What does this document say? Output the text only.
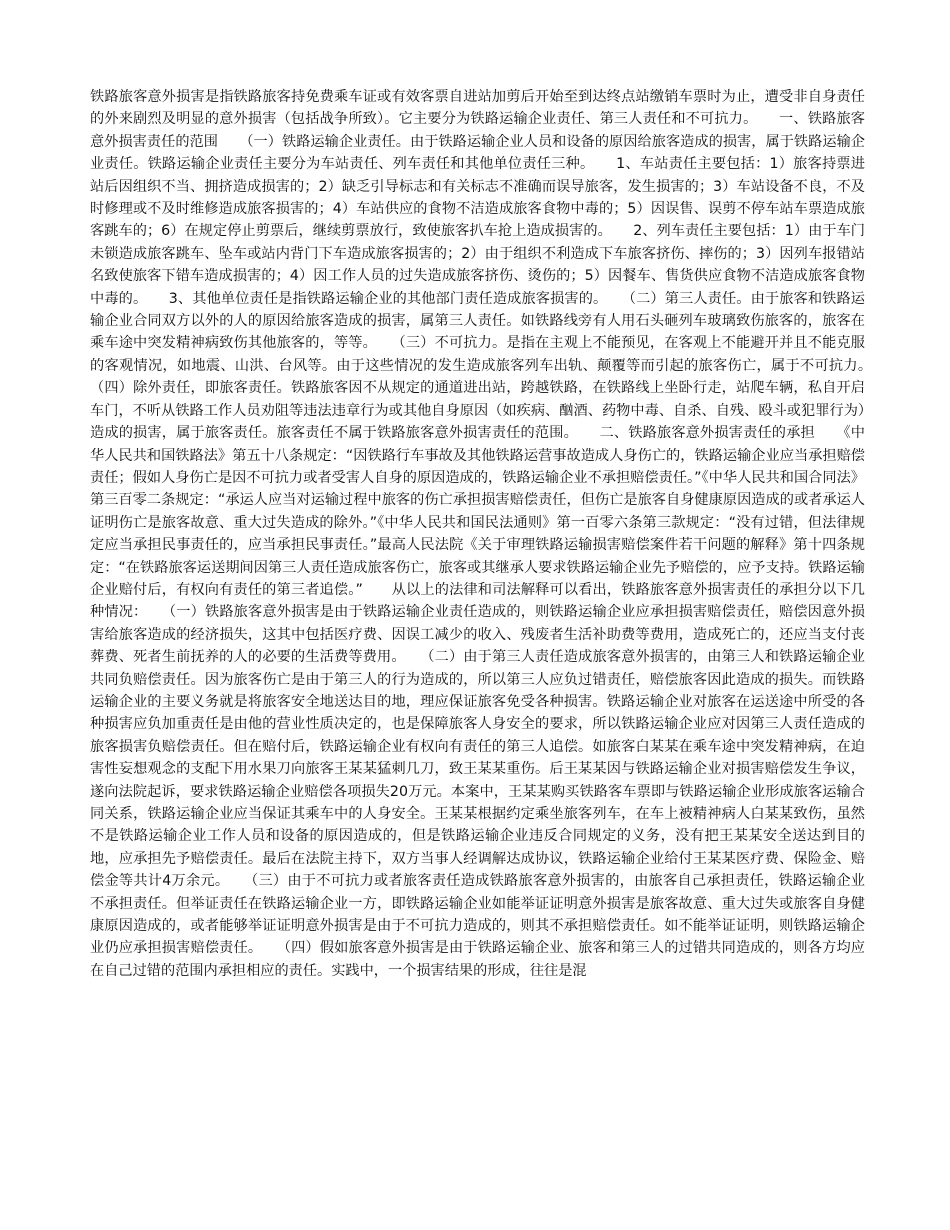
铁路旅客意外损害是指铁路旅客持免费乘车证或有效客票自进站加剪后开始至到达终点站缴销车票时为止，遭受非自身责任的外来剧烈及明显的意外损害（包括战争所致）。它主要分为铁路运输企业责任、第三人责任和不可抗力。　　一、铁路旅客意外损害责任的范围　　（一）铁路运输企业责任。由于铁路运输企业人员和设备的原因给旅客造成的损害，属于铁路运输企业责任。铁路运输企业责任主要分为车站责任、列车责任和其他单位责任三种。　　1、车站责任主要包括：1）旅客持票进站后因组织不当、拥挤造成损害的；2）缺乏引导标志和有关标志不准确而误导旅客，发生损害的；3）车站设备不良，不及时修理或不及时维修造成旅客损害的；4）车站供应的食物不洁造成旅客食物中毒的；5）因误售、误剪不停车站车票造成旅客跳车的；6）在规定停止剪票后，继续剪票放行，致使旅客扒车抢上造成损害的。　　2、列车责任主要包括：1）由于车门未锁造成旅客跳车、坠车或站内背门下车造成旅客损害的；2）由于组织不利造成下车旅客挤伤、摔伤的；3）因列车报错站名致使旅客下错车造成损害的；4）因工作人员的过失造成旅客挤伤、烫伤的；5）因餐车、售货供应食物不洁造成旅客食物中毒的。　　3、其他单位责任是指铁路运输企业的其他部门责任造成旅客损害的。　　（二）第三人责任。由于旅客和铁路运输企业合同双方以外的人的原因给旅客造成的损害，属第三人责任。如铁路线旁有人用石头砸列车玻璃致伤旅客的，旅客在乘车途中突发精神病致伤其他旅客的，等等。　　（三）不可抗力。是指在主观上不能预见，在客观上不能避开并且不能克服的客观情况，如地震、山洪、台风等。由于这些情况的发生造成旅客列车出轨、颠覆等而引起的旅客伤亡，属于不可抗力。　　（四）除外责任，即旅客责任。铁路旅客因不从规定的通道进出站，跨越铁路，在铁路线上坐卧行走，站爬车辆，私自开启车门，不听从铁路工作人员劝阻等违法违章行为或其他自身原因（如疾病、酗酒、药物中毒、自杀、自残、殴斗或犯罪行为）造成的损害，属于旅客责任。旅客责任不属于铁路旅客意外损害责任的范围。　　二、铁路旅客意外损害责任的承担　　《中华人民共和国铁路法》第五十八条规定：“因铁路行车事故及其他铁路运营事故造成人身伤亡的，铁路运输企业应当承担赔偿责任；假如人身伤亡是因不可抗力或者受害人自身的原因造成的，铁路运输企业不承担赔偿责任。”《中华人民共和国合同法》第三百零二条规定：“承运人应当对运输过程中旅客的伤亡承担损害赔偿责任，但伤亡是旅客自身健康原因造成的或者承运人证明伤亡是旅客故意、重大过失造成的除外。”《中华人民共和国民法通则》第一百零六条第三款规定：“没有过错，但法律规定应当承担民事责任的，应当承担民事责任。”最高人民法院《关于审理铁路运输损害赔偿案件若干问题的解释》第十四条规定：“在铁路旅客运送期间因第三人责任造成旅客伤亡，旅客或其继承人要求铁路运输企业先予赔偿的，应予支持。铁路运输企业赔付后，有权向有责任的第三者追偿。”　　从以上的法律和司法解释可以看出，铁路旅客意外损害责任的承担分以下几种情况：　　（一）铁路旅客意外损害是由于铁路运输企业责任造成的，则铁路运输企业应承担损害赔偿责任，赔偿因意外损害给旅客造成的经济损失，这其中包括医疗费、因误工减少的收入、残废者生活补助费等费用，造成死亡的，还应当支付丧葬费、死者生前抚养的人的必要的生活费等费用。　　（二）由于第三人责任造成旅客意外损害的，由第三人和铁路运输企业共同负赔偿责任。因为旅客伤亡是由于第三人的行为造成的，所以第三人应负过错责任，赔偿旅客因此造成的损失。而铁路运输企业的主要义务就是将旅客安全地送达目的地，理应保证旅客免受各种损害。铁路运输企业对旅客在运送途中所受的各种损害应负加重责任是由他的营业性质决定的，也是保障旅客人身安全的要求，所以铁路运输企业应对因第三人责任造成的旅客损害负赔偿责任。但在赔付后，铁路运输企业有权向有责任的第三人追偿。如旅客白某某在乘车途中突发精神病，在迫害性妄想观念的支配下用水果刀向旅客王某某猛刺几刀，致王某某重伤。后王某某因与铁路运输企业对损害赔偿发生争议，遂向法院起诉，要求铁路运输企业赔偿各项损失20万元。本案中，王某某购买铁路客车票即与铁路运输企业形成旅客运输合同关系，铁路运输企业应当保证其乘车中的人身安全。王某某根据约定乘坐旅客列车，在车上被精神病人白某某致伤，虽然不是铁路运输企业工作人员和设备的原因造成的，但是铁路运输企业违反合同规定的义务，没有把王某某安全送达到目的地，应承担先予赔偿责任。最后在法院主持下，双方当事人经调解达成协议，铁路运输企业给付王某某医疗费、保险金、赔偿金等共计4万余元。　　（三）由于不可抗力或者旅客责任造成铁路旅客意外损害的，由旅客自己承担责任，铁路运输企业不承担责任。但举证责任在铁路运输企业一方，即铁路运输企业如能举证证明意外损害是旅客故意、重大过失或旅客自身健康原因造成的，或者能够举证证明意外损害是由于不可抗力造成的，则其不承担赔偿责任。如不能举证证明，则铁路运输企业仍应承担损害赔偿责任。　　（四）假如旅客意外损害是由于铁路运输企业、旅客和第三人的过错共同造成的，则各方均应在自己过错的范围内承担相应的责任。实践中，一个损害结果的形成，往往是混
